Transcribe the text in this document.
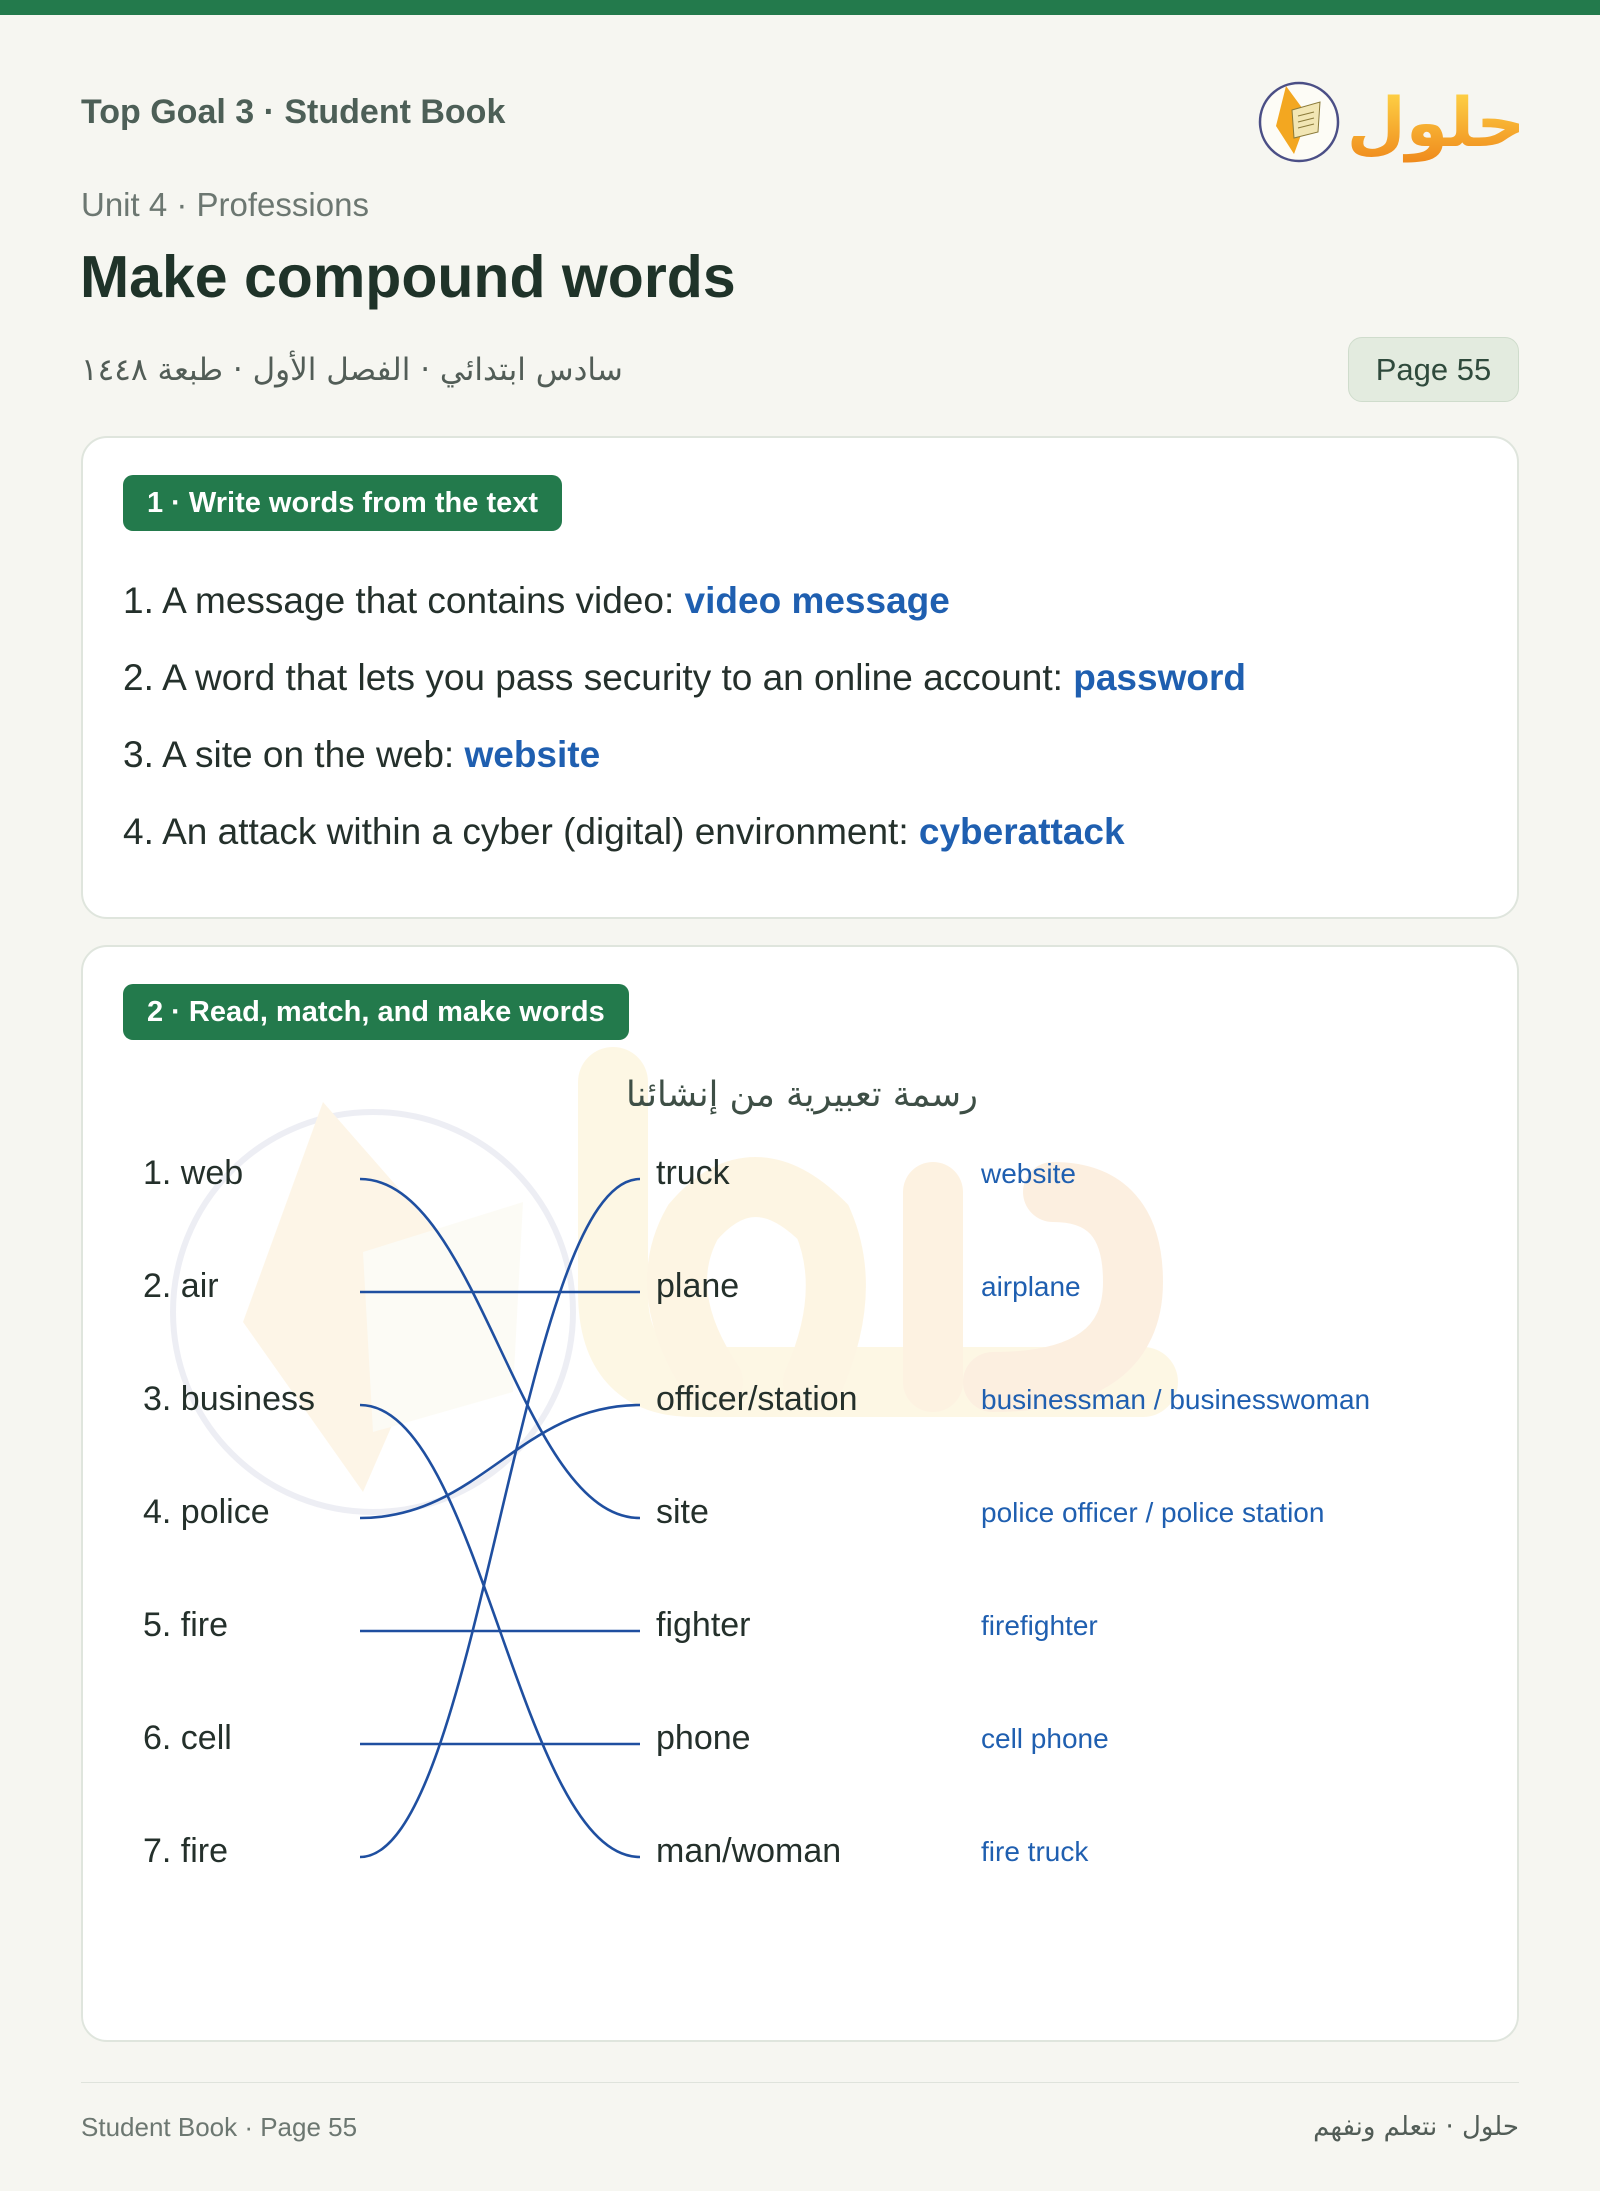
Top Goal 3 · Student Book
Unit 4 · Professions
Make compound words
سادس ابتدائي · الفصل الأول · طبعة ١٤٤٨	Page 55
حلول
1 · Write words from the text
1. A message that contains video: video message
2. A word that lets you pass security to an online account: password
3. A site on the web: website
4. An attack within a cyber (digital) environment: cyberattack
2 · Read, match, and make words
رسمة تعبيرية من إنشائنا
1. web
2. air
3. business
4. police
5. fire
6. cell
7. fire
truck
plane
officer/station
site
fighter
phone
man/woman
website
airplane
businessman / businesswoman
police officer / police station
firefighter
cell phone
fire truck
Student Book · Page 55	حلول · نتعلم ونفهم
